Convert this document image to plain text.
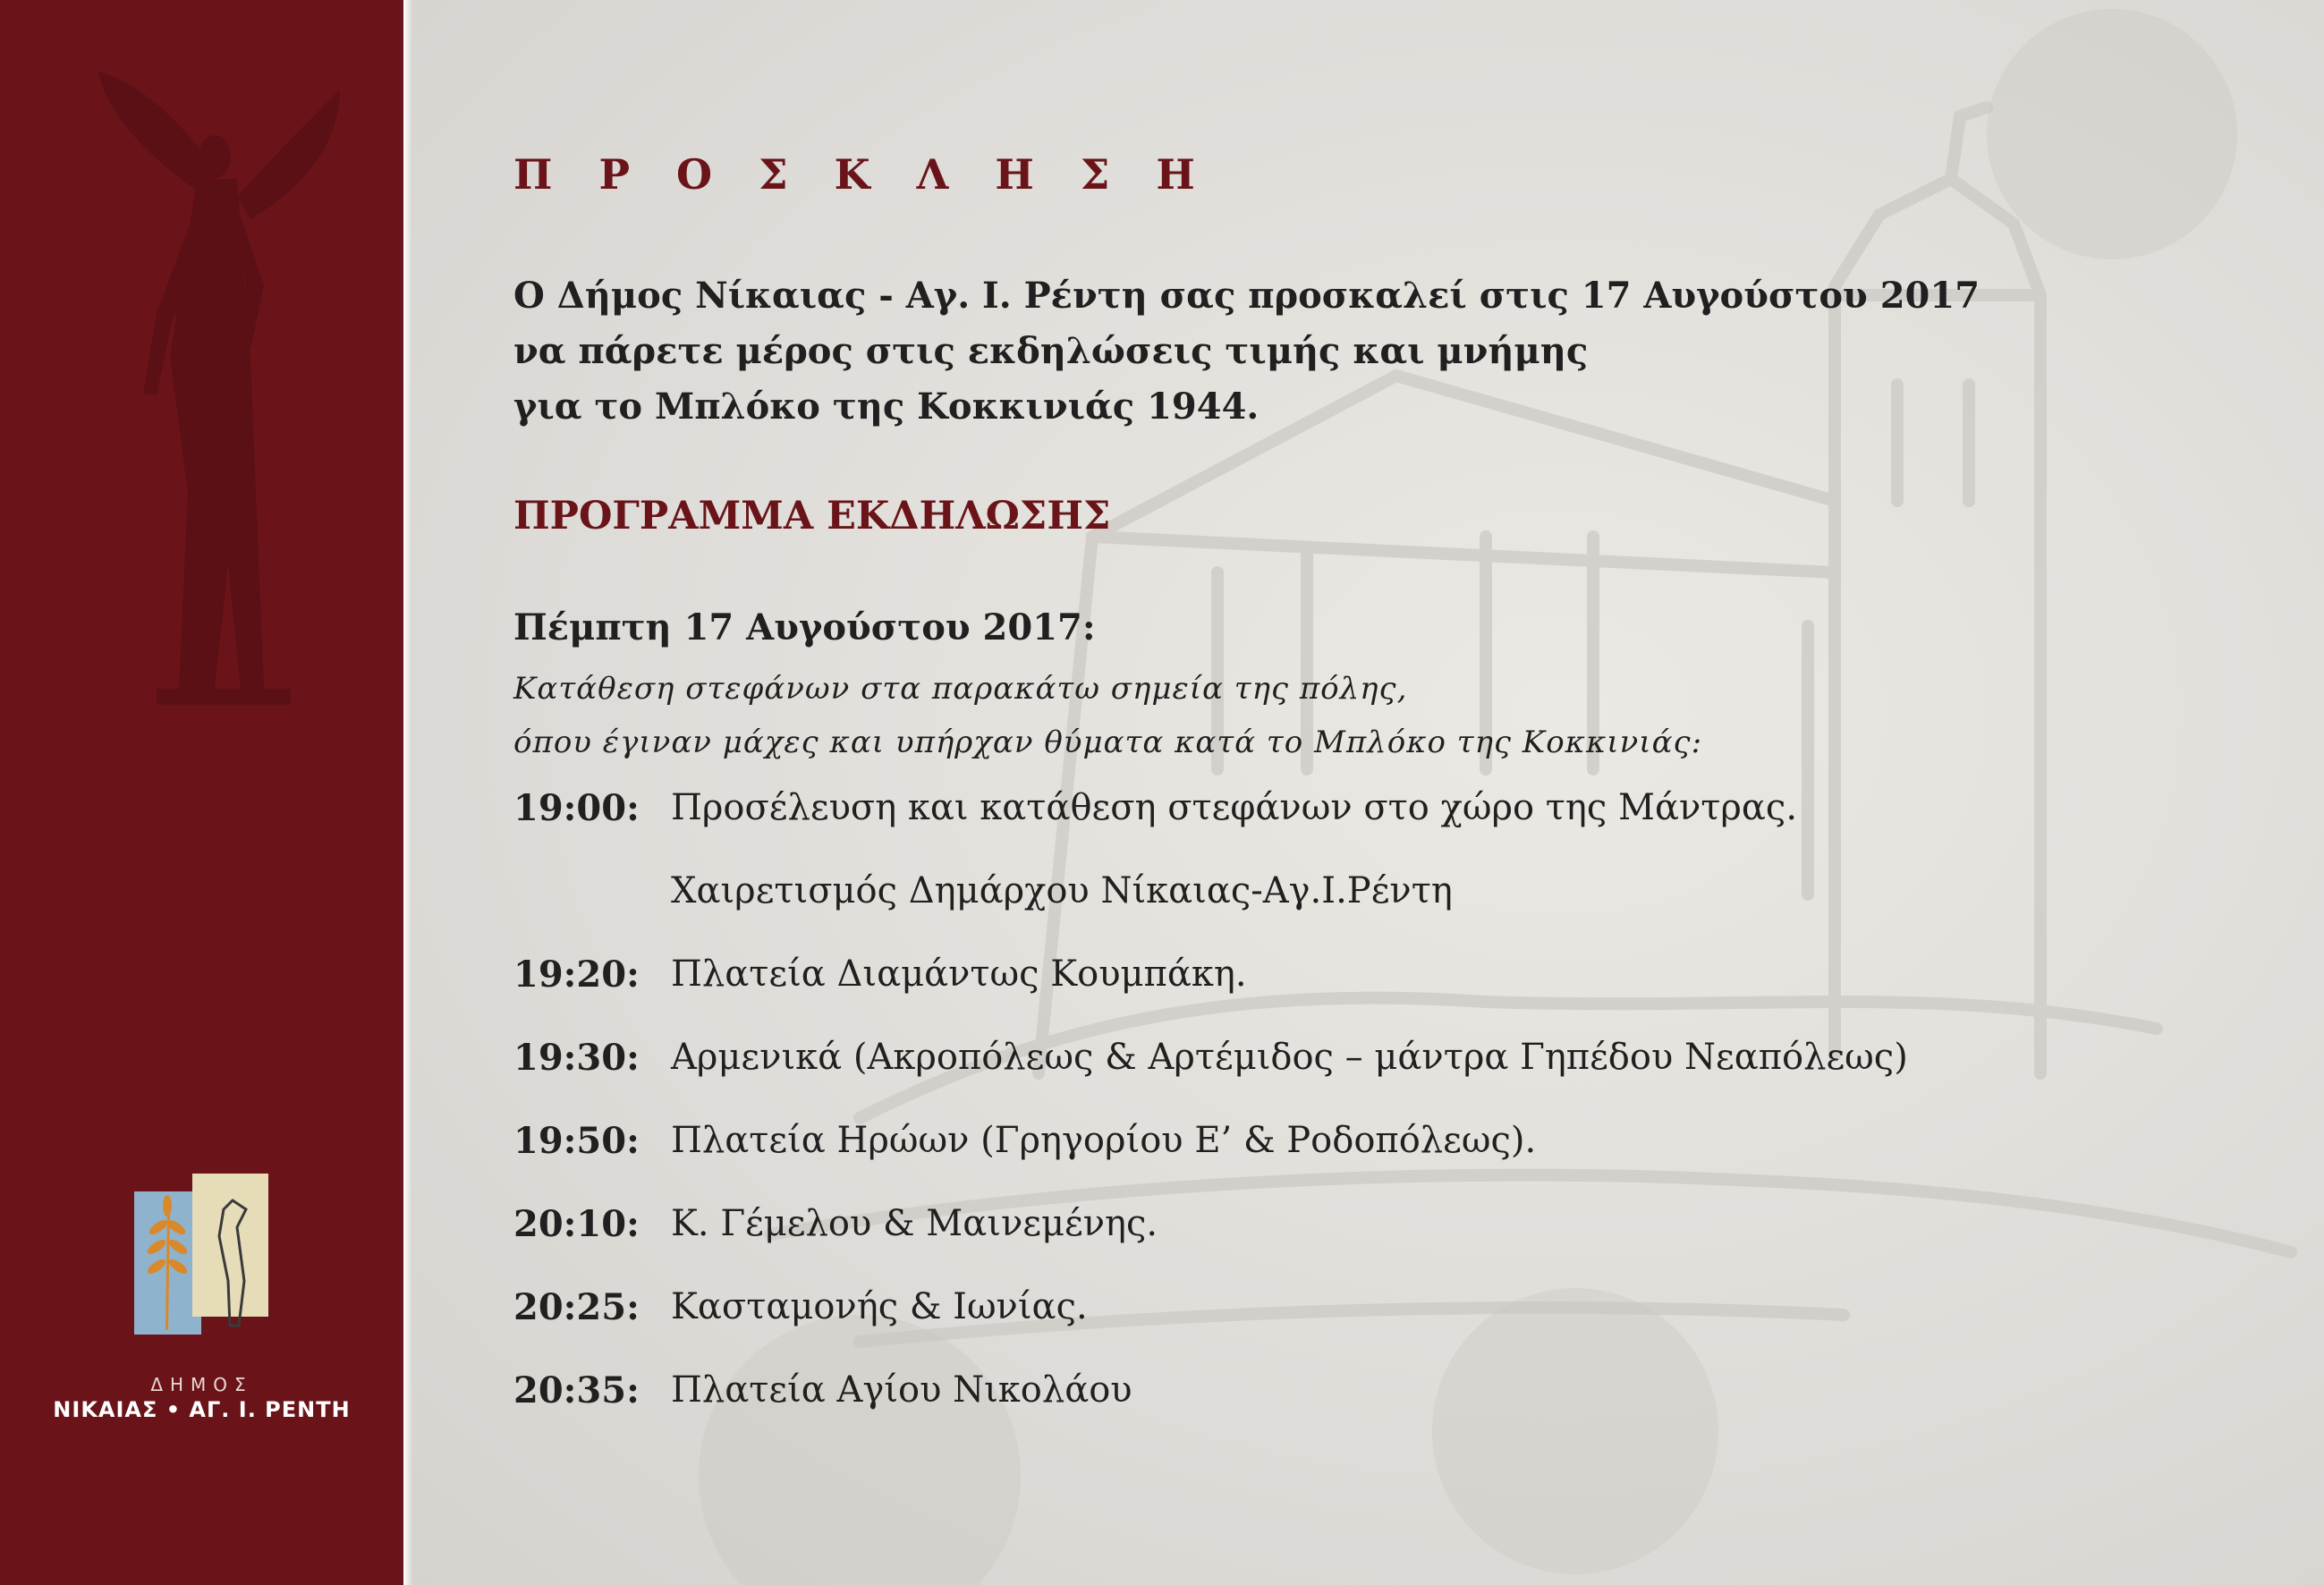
ΔΗΜΟΣ
ΝΙΚΑΙΑΣ • ΑΓ. Ι. ΡΕΝΤΗ
Π Ρ Ο Σ Κ Λ Η Σ Η
Ο Δήμος Νίκαιας - Αγ. Ι. Ρέντη σας προσκαλεί στις 17 Αυγούστου 2017
να πάρετε μέρος στις εκδηλώσεις τιμής και μνήμης
για το Μπλόκο της Κοκκινιάς 1944.
ΠΡΟΓΡΑΜΜΑ ΕΚΔΗΛΩΣΗΣ
Πέμπτη 17 Αυγούστου 2017:
Κατάθεση στεφάνων στα παρακάτω σημεία της πόλης,
όπου έγιναν μάχες και υπήρχαν θύματα κατά το Μπλόκο της Κοκκινιάς:
19:00: Προσέλευση και κατάθεση στεφάνων στο χώρο της Μάντρας.
Χαιρετισμός Δημάρχου Νίκαιας-Αγ.Ι.Ρέντη
19:20: Πλατεία Διαμάντως Κουμπάκη.
19:30: Αρμενικά (Ακροπόλεως & Αρτέμιδος – μάντρα Γηπέδου Νεαπόλεως)
19:50: Πλατεία Ηρώων (Γρηγορίου Ε’ & Ροδοπόλεως).
20:10: Κ. Γέμελου & Μαινεμένης.
20:25: Κασταμονής & Ιωνίας.
20:35: Πλατεία Αγίου Νικολάου
